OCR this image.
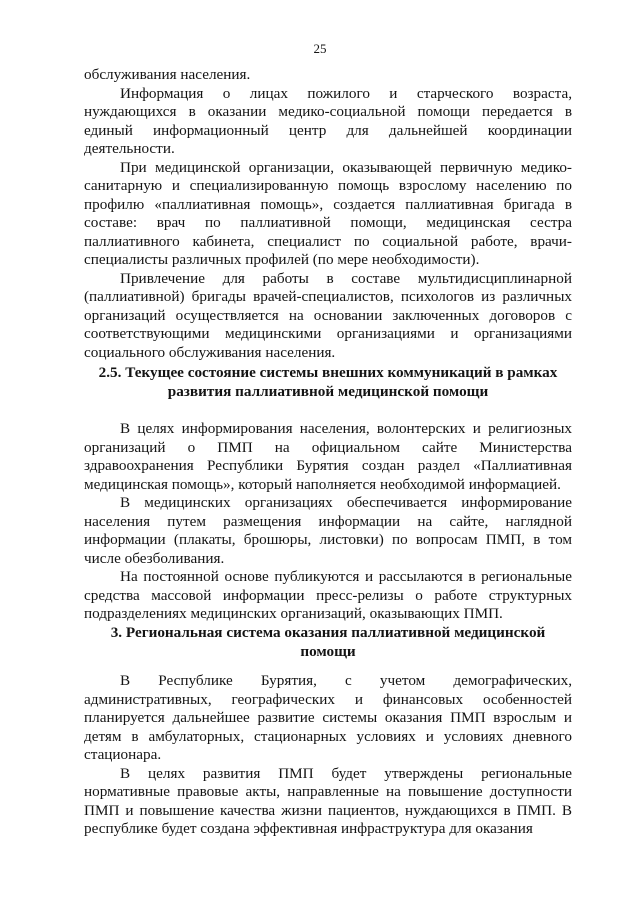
25

обслуживания населения.

Информация о лицах пожилого и старческого возраста, нуждающихся в оказании медико-социальной помощи передается в единый информационный центр для дальнейшей координации деятельности.

При медицинской организации, оказывающей первичную медико-санитарную и специализированную помощь взрослому населению по профилю «паллиативная помощь», создается паллиативная бригада в составе: врач по паллиативной помощи, медицинская сестра паллиативного кабинета, специалист по социальной работе, врачи-специалисты различных профилей (по мере необходимости).

Привлечение для работы в составе мультидисциплинарной (паллиативной) бригады врачей-специалистов, психологов из различных организаций осуществляется на основании заключенных договоров с соответствующими медицинскими организациями и организациями социального обслуживания населения.

2.5. Текущее состояние системы внешних коммуникаций в рамках развития паллиативной медицинской помощи

В целях информирования населения, волонтерских и религиозных организаций о ПМП на официальном сайте Министерства здравоохранения Республики Бурятия создан раздел «Паллиативная медицинская помощь», который наполняется необходимой информацией.

В медицинских организациях обеспечивается информирование населения путем размещения информации на сайте, наглядной информации (плакаты, брошюры, листовки) по вопросам ПМП, в том числе обезболивания.

На постоянной основе публикуются и рассылаются в региональные средства массовой информации пресс-релизы о работе структурных подразделениях медицинских организаций, оказывающих ПМП.

3. Региональная система оказания паллиативной медицинской помощи

В Республике Бурятия, с учетом демографических, административных, географических и финансовых особенностей планируется дальнейшее развитие системы оказания ПМП взрослым и детям в амбулаторных, стационарных условиях и условиях дневного стационара.

В целях развития ПМП будет утверждены региональные нормативные правовые акты, направленные на повышение доступности ПМП и повышение качества жизни пациентов, нуждающихся в ПМП. В республике будет создана эффективная инфраструктура для оказания
